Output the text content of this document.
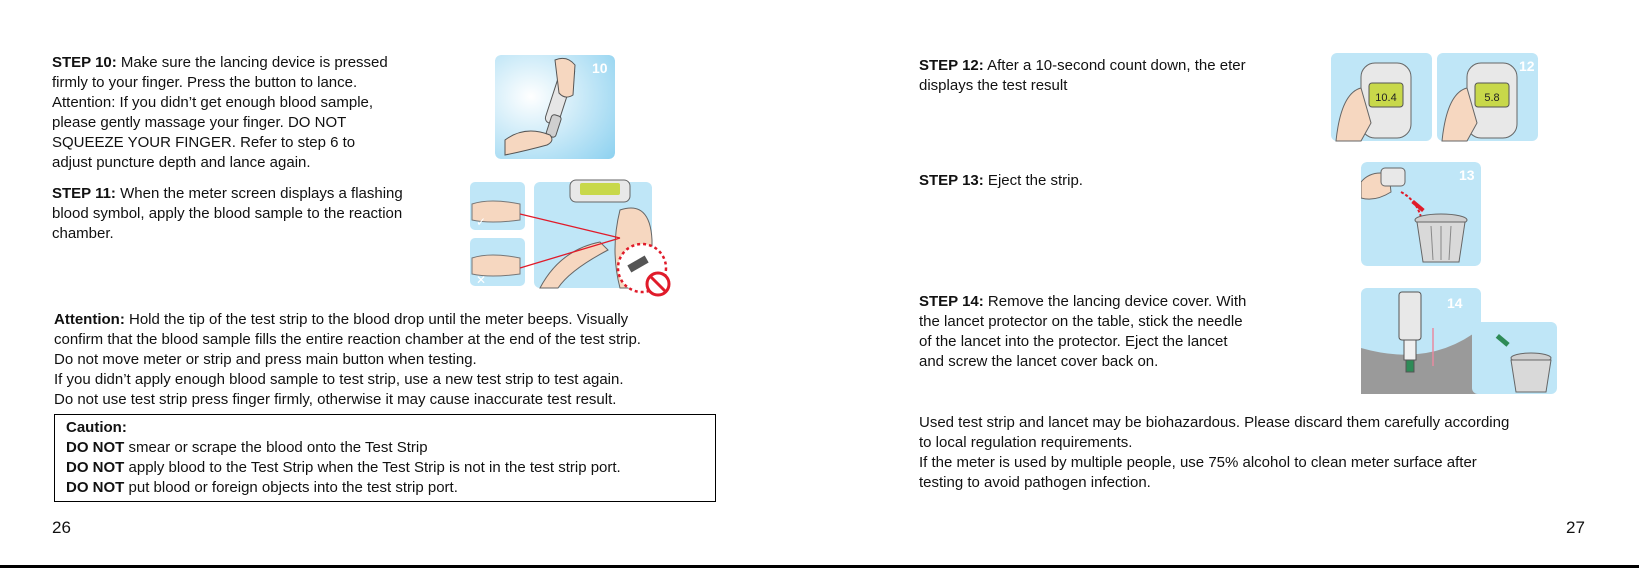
STEP 10: Make sure the lancing device is pressed
firmly to your finger. Press the button to lance.
Attention: If you didn’t get enough blood sample,
please gently massage your finger. DO NOT
SQUEEZE YOUR FINGER. Refer to step 6 to
adjust puncture depth and lance again.
10
STEP 11: When the meter screen displays a flashing
blood symbol, apply the blood sample to the reaction
chamber.
✓
✕
Attention: Hold the tip of the test strip to the blood drop until the meter beeps. Visually
confirm that the blood sample fills the entire reaction chamber at the end of the test strip.
Do not move meter or strip and press main button when testing.
If you didn’t apply enough blood sample to test strip, use a new test strip to test again.
Do not use test strip press finger firmly, otherwise it may cause inaccurate test result.
Caution:
DO NOT smear or scrape the blood onto the Test Strip
DO NOT apply blood to the Test Strip when the Test Strip is not in the test strip port.
DO NOT put blood or foreign objects into the test strip port.
26
STEP 12: After a 10-second count down, the eter
displays the test result
10.4	5.8
12
STEP 13: Eject the strip.	13
STEP 14: Remove the lancing device cover. With
the lancet protector on the table, stick the needle
of the lancet into the protector. Eject the lancet
and screw the lancet cover back on.
14
Used test strip and lancet may be biohazardous. Please discard them carefully according
to local regulation requirements.
If the meter is used by multiple people, use 75% alcohol to clean meter surface after
testing to avoid pathogen infection.
27
